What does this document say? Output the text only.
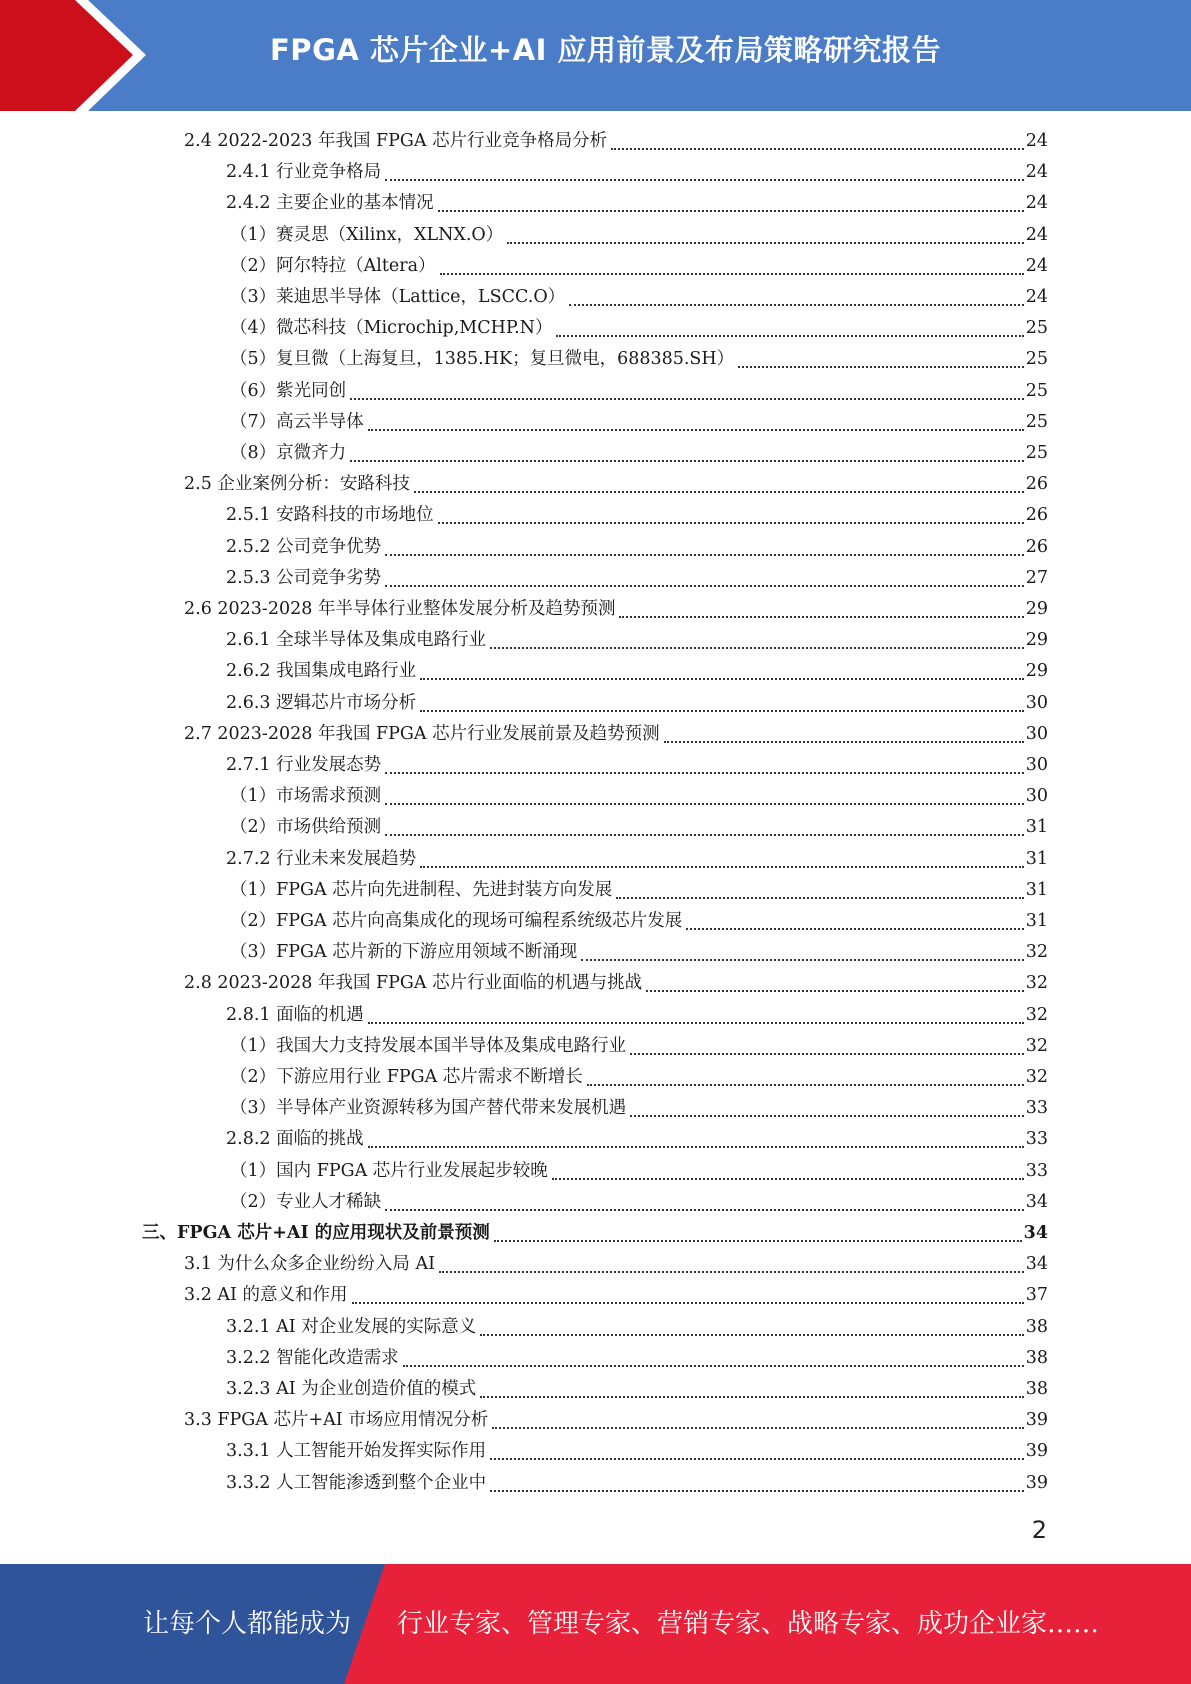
FPGA 芯片企业+AI 应用前景及布局策略研究报告
2.4 2022-2023 年我国 FPGA 芯片行业竞争格局分析	24
2.4.1 行业竞争格局	24
2.4.2 主要企业的基本情况	24
（1）赛灵思（Xilinx，XLNX.O）	24
（2）阿尔特拉（Altera）	24
（3）莱迪思半导体（Lattice，LSCC.O）	24
（4）微芯科技（Microchip,MCHP.N）	25
（5）复旦微（上海复旦，1385.HK；复旦微电，688385.SH）	25
（6）紫光同创	25
（7）高云半导体	25
（8）京微齐力	25
2.5 企业案例分析：安路科技	26
2.5.1 安路科技的市场地位	26
2.5.2 公司竞争优势	26
2.5.3 公司竞争劣势	27
2.6 2023-2028 年半导体行业整体发展分析及趋势预测	29
2.6.1 全球半导体及集成电路行业	29
2.6.2 我国集成电路行业	29
2.6.3 逻辑芯片市场分析	30
2.7 2023-2028 年我国 FPGA 芯片行业发展前景及趋势预测	30
2.7.1 行业发展态势	30
（1）市场需求预测	30
（2）市场供给预测	31
2.7.2 行业未来发展趋势	31
（1）FPGA 芯片向先进制程、先进封装方向发展	31
（2）FPGA 芯片向高集成化的现场可编程系统级芯片发展	31
（3）FPGA 芯片新的下游应用领域不断涌现	32
2.8 2023-2028 年我国 FPGA 芯片行业面临的机遇与挑战	32
2.8.1 面临的机遇	32
（1）我国大力支持发展本国半导体及集成电路行业	32
（2）下游应用行业 FPGA 芯片需求不断增长	32
（3）半导体产业资源转移为国产替代带来发展机遇	33
2.8.2 面临的挑战	33
（1）国内 FPGA 芯片行业发展起步较晚	33
（2）专业人才稀缺	34
三、FPGA 芯片+AI 的应用现状及前景预测	34
3.1 为什么众多企业纷纷入局 AI	34
3.2 AI 的意义和作用	37
3.2.1 AI 对企业发展的实际意义	38
3.2.2 智能化改造需求	38
3.2.3 AI 为企业创造价值的模式	38
3.3 FPGA 芯片+AI 市场应用情况分析	39
3.3.1 人工智能开始发挥实际作用	39
3.3.2 人工智能渗透到整个企业中	39
2
让每个人都能成为 行业专家、管理专家、营销专家、战略专家、成功企业家……
